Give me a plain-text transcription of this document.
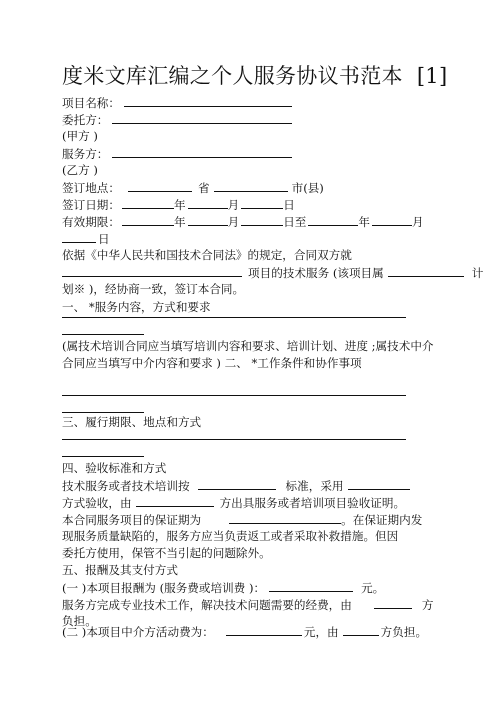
度米文库汇编之个人服务协议书范本 [1]
项目名称：
委托方：
(甲方 )
服务方：
(乙方 )
签订地点：	省	市(县)
签订日期：	年	月	日
有效期限：	年	月	日至	年	月
日
依据《中华人民共和国技术合同法》的规定，合同双方就
项目的技术服务 (该项目属	计
划※ )，经协商一致，签订本合同。
一、 *服务内容，方式和要求
(属技术培训合同应当填写培训内容和要求、培训计划、进度 ;属技术中介
合同应当填写中介内容和要求 ) 二、 *工作条件和协作事项
三、履行期限、地点和方式
四、验收标准和方式
技术服务或者技术培训按	标准，采用
方式验收，由	方出具服务或者培训项目验收证明。
本合同服务项目的保证期为	。在保证期内发
现服务质量缺陷的，服务方应当负责返工或者采取补救措施。但因
委托方使用，保管不当引起的问题除外。
五、报酬及其支付方式
(一 )本项目报酬为 (服务费或培训费 )：	元。
服务方完成专业技术工作，解决技术问题需要的经费，由	方
负担。
(二 )本项目中介方活动费为：	元，由	方负担。
